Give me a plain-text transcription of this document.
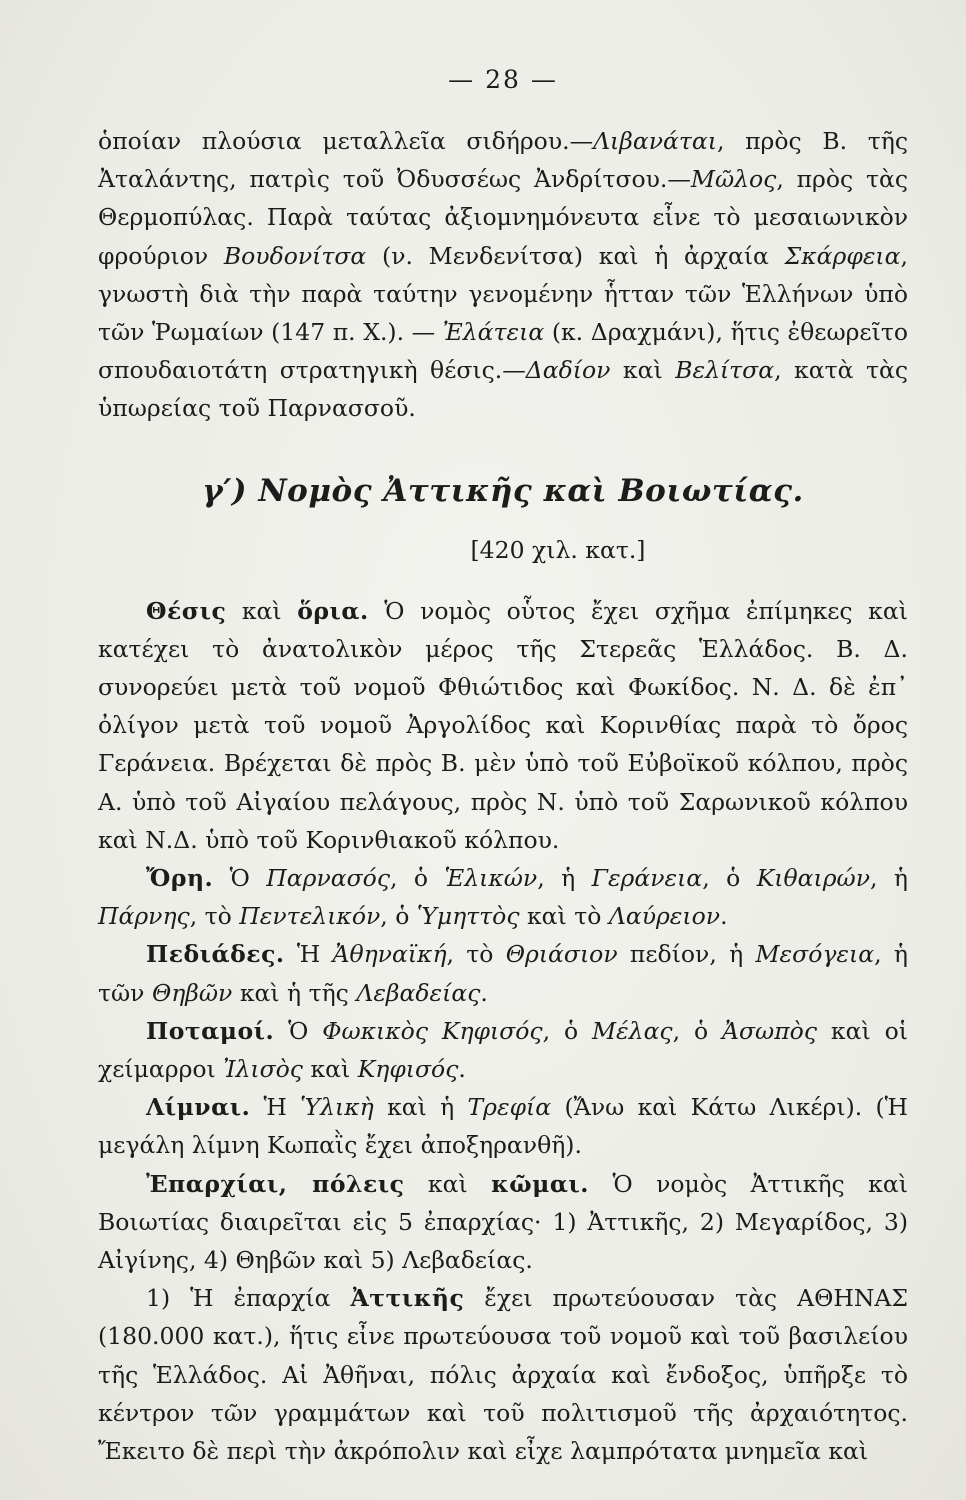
— 28 —

ὁποίαν πλούσια μεταλλεῖα σιδήρου.—Λιβανάται, πρὸς Β. τῆς Ἀταλάντης, πατρὶς τοῦ Ὀδυσσέως Ἀνδρίτσου.—Μῶλος, πρὸς τὰς Θερμοπύλας. Παρὰ ταύτας ἀξιομνημόνευτα εἶνε τὸ μεσαιωνικὸν φρούριον Βουδονίτσα (ν. Μενδενίτσα) καὶ ἡ ἀρχαία Σκάρφεια, γνωστὴ διὰ τὴν παρὰ ταύτην γενομένην ἧτταν τῶν Ἑλλήνων ὑπὸ τῶν Ῥωμαίων (147 π. Χ.). — Ἐλάτεια (κ. Δραχμάνι), ἥτις ἐθεωρεῖτο σπουδαιοτάτη στρατηγικὴ θέσις.—Δαδίον καὶ Βελίτσα, κατὰ τὰς ὑπωρείας τοῦ Παρνασσοῦ.

γ′) Νομὸς Ἀττικῆς καὶ Βοιωτίας.
[420 χιλ. κατ.]

Θέσις καὶ ὅρια. Ὁ νομὸς οὗτος ἔχει σχῆμα ἐπίμηκες καὶ κατέχει τὸ ἀνατολικὸν μέρος τῆς Στερεᾶς Ἑλλάδος. Β. Δ. συνορεύει μετὰ τοῦ νομοῦ Φθιώτιδος καὶ Φωκίδος. Ν. Δ. δὲ ἐπ᾽ ὀλίγον μετὰ τοῦ νομοῦ Ἀργολίδος καὶ Κορινθίας παρὰ τὸ ὄρος Γεράνεια. Βρέχεται δὲ πρὸς Β. μὲν ὑπὸ τοῦ Εὐβοϊκοῦ κόλπου, πρὸς Α. ὑπὸ τοῦ Αἰγαίου πελάγους, πρὸς Ν. ὑπὸ τοῦ Σαρωνικοῦ κόλπου καὶ Ν.Δ. ὑπὸ τοῦ Κορινθιακοῦ κόλπου.

Ὄρη. Ὁ Παρνασός, ὁ Ἑλικών, ἡ Γεράνεια, ὁ Κιθαιρών, ἡ Πάρνης, τὸ Πεντελικόν, ὁ Ὑμηττὸς καὶ τὸ Λαύρειον.

Πεδιάδες. Ἡ Ἀθηναϊκή, τὸ Θριάσιον πεδίον, ἡ Μεσόγεια, ἡ τῶν Θηβῶν καὶ ἡ τῆς Λεβαδείας.

Ποταμοί. Ὁ Φωκικὸς Κηφισός, ὁ Μέλας, ὁ Ἀσωπὸς καὶ οἱ χείμαρροι Ἰλισὸς καὶ Κηφισός.

Λίμναι. Ἡ Ὑλικὴ καὶ ἡ Τρεφία (Ἄνω καὶ Κάτω Λικέρι). (Ἡ μεγάλη λίμνη Κωπαῒς ἔχει ἀποξηρανθῆ).

Ἐπαρχίαι, πόλεις καὶ κῶμαι. Ὁ νομὸς Ἀττικῆς καὶ Βοιωτίας διαιρεῖται εἰς 5 ἐπαρχίας· 1) Ἀττικῆς, 2) Μεγαρίδος, 3) Αἰγίνης, 4) Θηβῶν καὶ 5) Λεβαδείας.

1) Ἡ ἐπαρχία Ἀττικῆς ἔχει πρωτεύουσαν τὰς ΑΘΗΝΑΣ (180.000 κατ.), ἥτις εἶνε πρωτεύουσα τοῦ νομοῦ καὶ τοῦ βασιλείου τῆς Ἑλλάδος. Αἱ Ἀθῆναι, πόλις ἀρχαία καὶ ἔνδοξος, ὑπῆρξε τὸ κέντρον τῶν γραμμάτων καὶ τοῦ πολιτισμοῦ τῆς ἀρχαιότητος. Ἔκειτο δὲ περὶ τὴν ἀκρόπολιν καὶ εἶχε λαμπρότατα μνημεῖα καὶ
